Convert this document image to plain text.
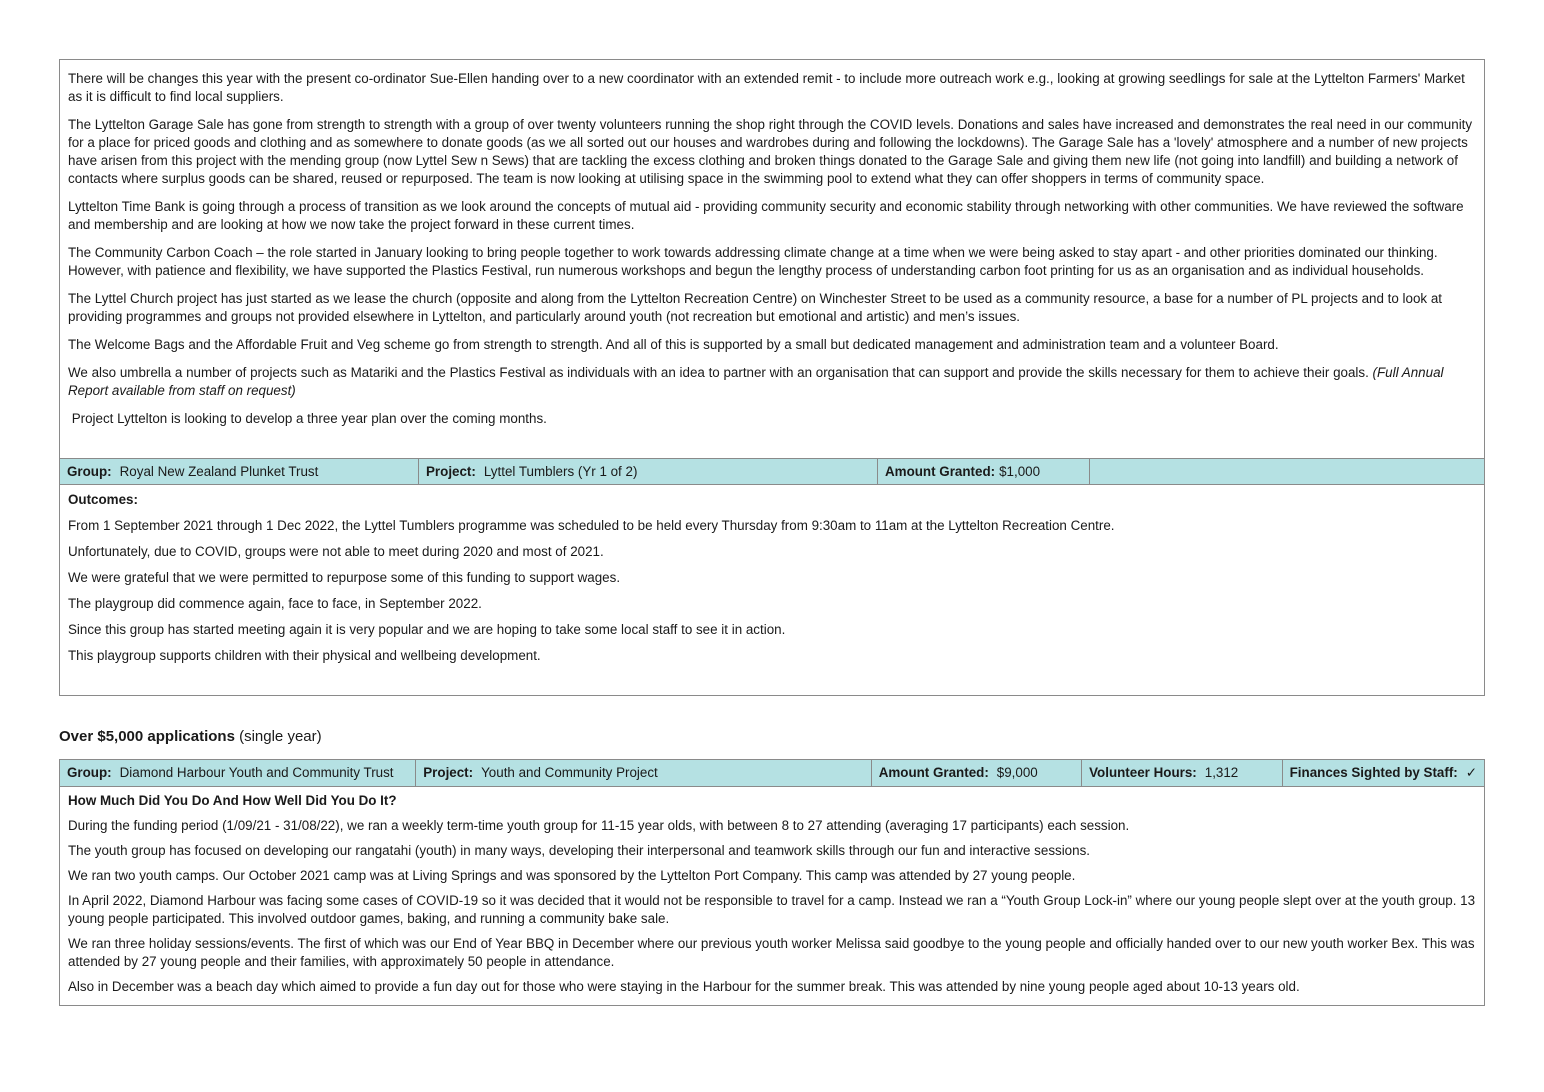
There will be changes this year with the present co-ordinator Sue-Ellen handing over to a new coordinator with an extended remit - to include more outreach work e.g., looking at growing seedlings for sale at the Lyttelton Farmers' Market as it is difficult to find local suppliers.

The Lyttelton Garage Sale has gone from strength to strength with a group of over twenty volunteers running the shop right through the COVID levels. Donations and sales have increased and demonstrates the real need in our community for a place for priced goods and clothing and as somewhere to donate goods (as we all sorted out our houses and wardrobes during and following the lockdowns). The Garage Sale has a 'lovely' atmosphere and a number of new projects have arisen from this project with the mending group (now Lyttel Sew n Sews) that are tackling the excess clothing and broken things donated to the Garage Sale and giving them new life (not going into landfill) and building a network of contacts where surplus goods can be shared, reused or repurposed. The team is now looking at utilising space in the swimming pool to extend what they can offer shoppers in terms of community space.

Lyttelton Time Bank is going through a process of transition as we look around the concepts of mutual aid - providing community security and economic stability through networking with other communities. We have reviewed the software and membership and are looking at how we now take the project forward in these current times.

The Community Carbon Coach – the role started in January looking to bring people together to work towards addressing climate change at a time when we were being asked to stay apart - and other priorities dominated our thinking. However, with patience and flexibility, we have supported the Plastics Festival, run numerous workshops and begun the lengthy process of understanding carbon foot printing for us as an organisation and as individual households.

The Lyttel Church project has just started as we lease the church (opposite and along from the Lyttelton Recreation Centre) on Winchester Street to be used as a community resource, a base for a number of PL projects and to look at providing programmes and groups not provided elsewhere in Lyttelton, and particularly around youth (not recreation but emotional and artistic) and men’s issues.

The Welcome Bags and the Affordable Fruit and Veg scheme go from strength to strength. And all of this is supported by a small but dedicated management and administration team and a volunteer Board.

We also umbrella a number of projects such as Matariki and the Plastics Festival as individuals with an idea to partner with an organisation that can support and provide the skills necessary for them to achieve their goals. (Full Annual Report available from staff on request)

Project Lyttelton is looking to develop a three year plan over the coming months.

Group: Royal New Zealand Plunket Trust	Project: Lyttel Tumblers (Yr 1 of 2)	Amount Granted: $1,000

Outcomes:

From 1 September 2021 through 1 Dec 2022, the Lyttel Tumblers programme was scheduled to be held every Thursday from 9:30am to 11am at the Lyttelton Recreation Centre.

Unfortunately, due to COVID, groups were not able to meet during 2020 and most of 2021.

We were grateful that we were permitted to repurpose some of this funding to support wages.

The playgroup did commence again, face to face, in September 2022.

Since this group has started meeting again it is very popular and we are hoping to take some local staff to see it in action.

This playgroup supports children with their physical and wellbeing development.

Over $5,000 applications (single year)
Group: Diamond Harbour Youth and Community Trust	Project: Youth and Community Project	Amount Granted: $9,000	Volunteer Hours: 1,312	Finances Sighted by Staff: ✓

How Much Did You Do And How Well Did You Do It?

During the funding period (1/09/21 - 31/08/22), we ran a weekly term-time youth group for 11-15 year olds, with between 8 to 27 attending (averaging 17 participants) each session.

The youth group has focused on developing our rangatahi (youth) in many ways, developing their interpersonal and teamwork skills through our fun and interactive sessions.

We ran two youth camps. Our October 2021 camp was at Living Springs and was sponsored by the Lyttelton Port Company. This camp was attended by 27 young people.

In April 2022, Diamond Harbour was facing some cases of COVID-19 so it was decided that it would not be responsible to travel for a camp. Instead we ran a “Youth Group Lock-in” where our young people slept over at the youth group. 13 young people participated. This involved outdoor games, baking, and running a community bake sale.

We ran three holiday sessions/events. The first of which was our End of Year BBQ in December where our previous youth worker Melissa said goodbye to the young people and officially handed over to our new youth worker Bex. This was attended by 27 young people and their families, with approximately 50 people in attendance.

Also in December was a beach day which aimed to provide a fun day out for those who were staying in the Harbour for the summer break. This was attended by nine young people aged about 10-13 years old.
